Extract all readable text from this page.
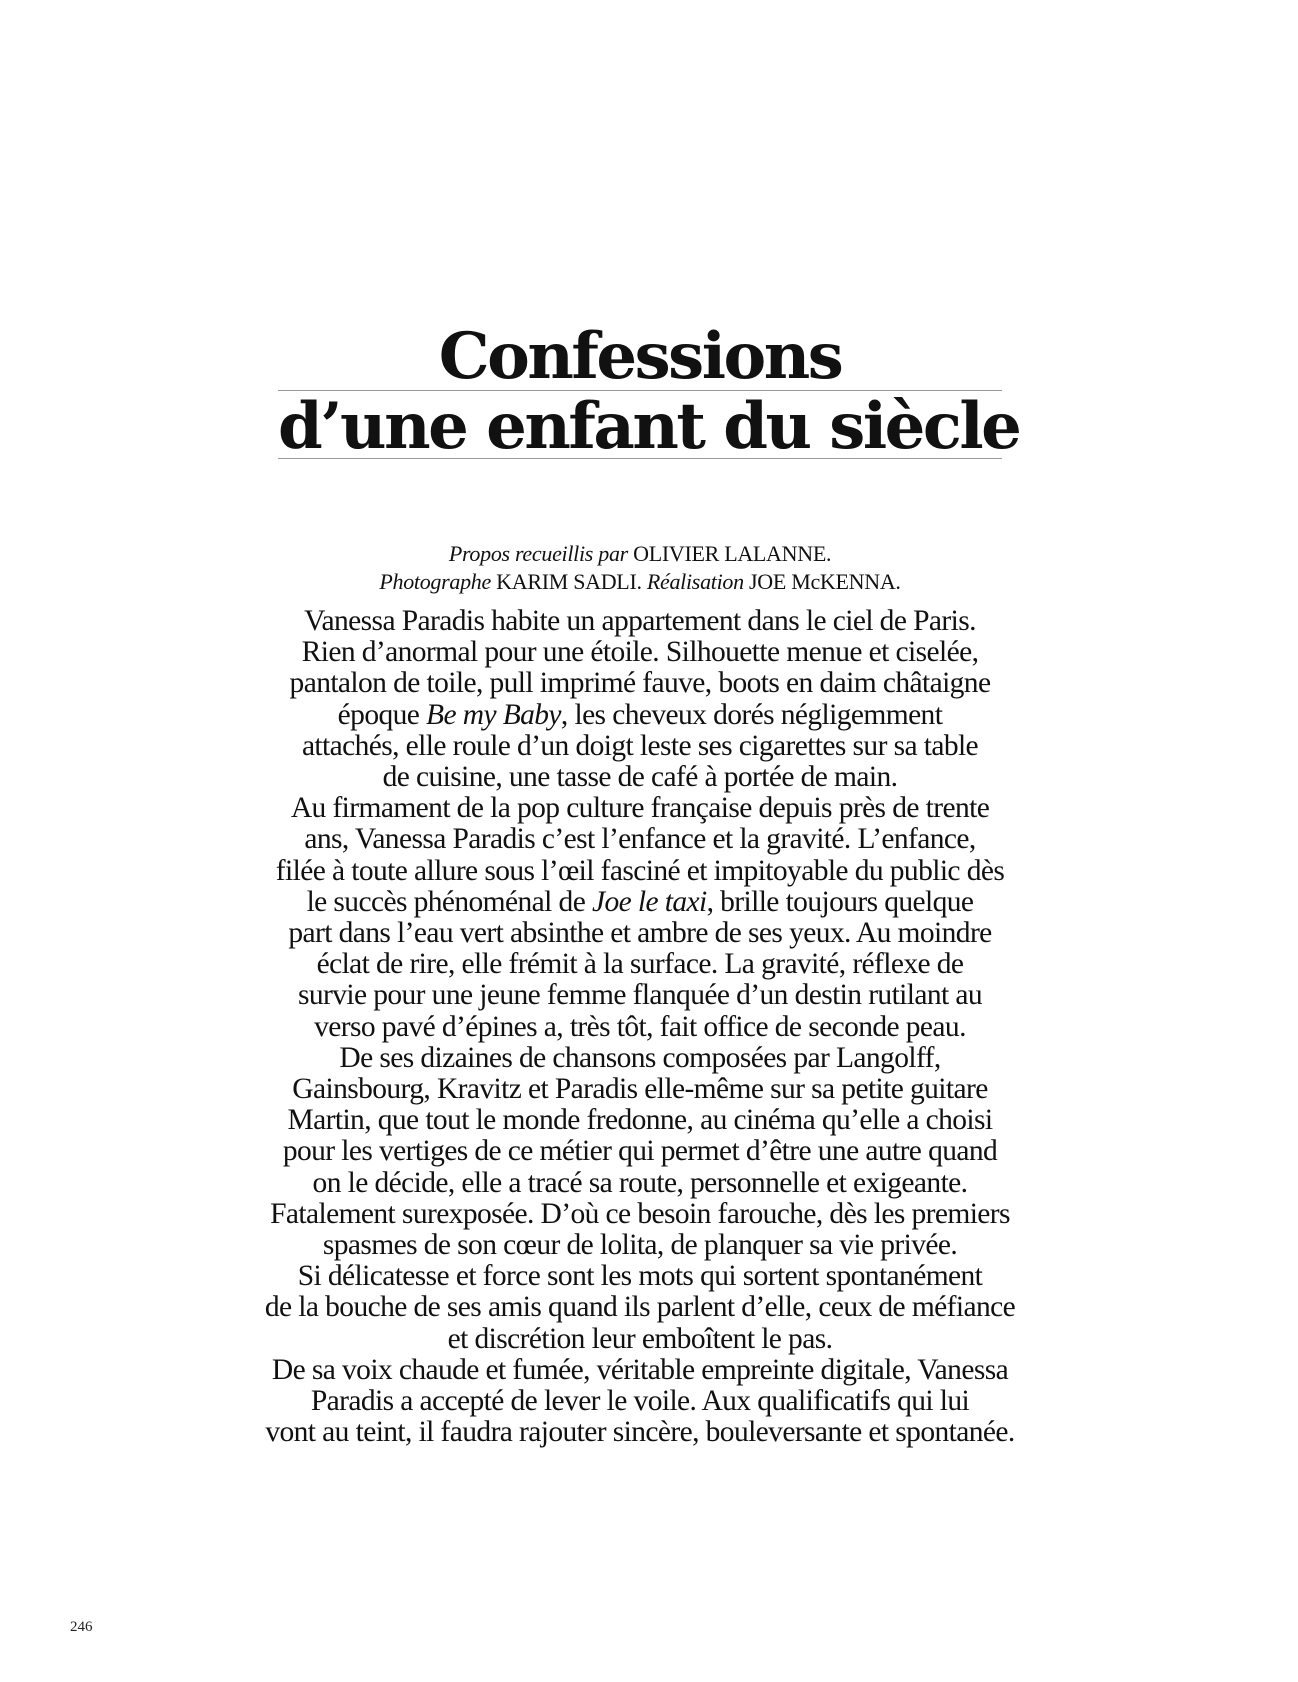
Confessions
d’une enfant du siècle
Propos recueillis par OLIVIER LALANNE.
Photographe KARIM SADLI. Réalisation JOE McKENNA.
Vanessa Paradis habite un appartement dans le ciel de Paris.
Rien d’anormal pour une étoile. Silhouette menue et ciselée,
pantalon de toile, pull imprimé fauve, boots en daim châtaigne
époque Be my Baby, les cheveux dorés négligemment
attachés, elle roule d’un doigt leste ses cigarettes sur sa table
de cuisine, une tasse de café à portée de main.
Au firmament de la pop culture française depuis près de trente
ans, Vanessa Paradis c’est l’enfance et la gravité. L’enfance,
filée à toute allure sous l’œil fasciné et impitoyable du public dès
le succès phénoménal de Joe le taxi, brille toujours quelque
part dans l’eau vert absinthe et ambre de ses yeux. Au moindre
éclat de rire, elle frémit à la surface. La gravité, réflexe de
survie pour une jeune femme flanquée d’un destin rutilant au
verso pavé d’épines a, très tôt, fait office de seconde peau.
De ses dizaines de chansons composées par Langolff,
Gainsbourg, Kravitz et Paradis elle-même sur sa petite guitare
Martin, que tout le monde fredonne, au cinéma qu’elle a choisi
pour les vertiges de ce métier qui permet d’être une autre quand
on le décide, elle a tracé sa route, personnelle et exigeante.
Fatalement surexposée. D’où ce besoin farouche, dès les premiers
spasmes de son cœur de lolita, de planquer sa vie privée.
Si délicatesse et force sont les mots qui sortent spontanément
de la bouche de ses amis quand ils parlent d’elle, ceux de méfiance
et discrétion leur emboîtent le pas.
De sa voix chaude et fumée, véritable empreinte digitale, Vanessa
Paradis a accepté de lever le voile. Aux qualificatifs qui lui
vont au teint, il faudra rajouter sincère, bouleversante et spontanée.
246
